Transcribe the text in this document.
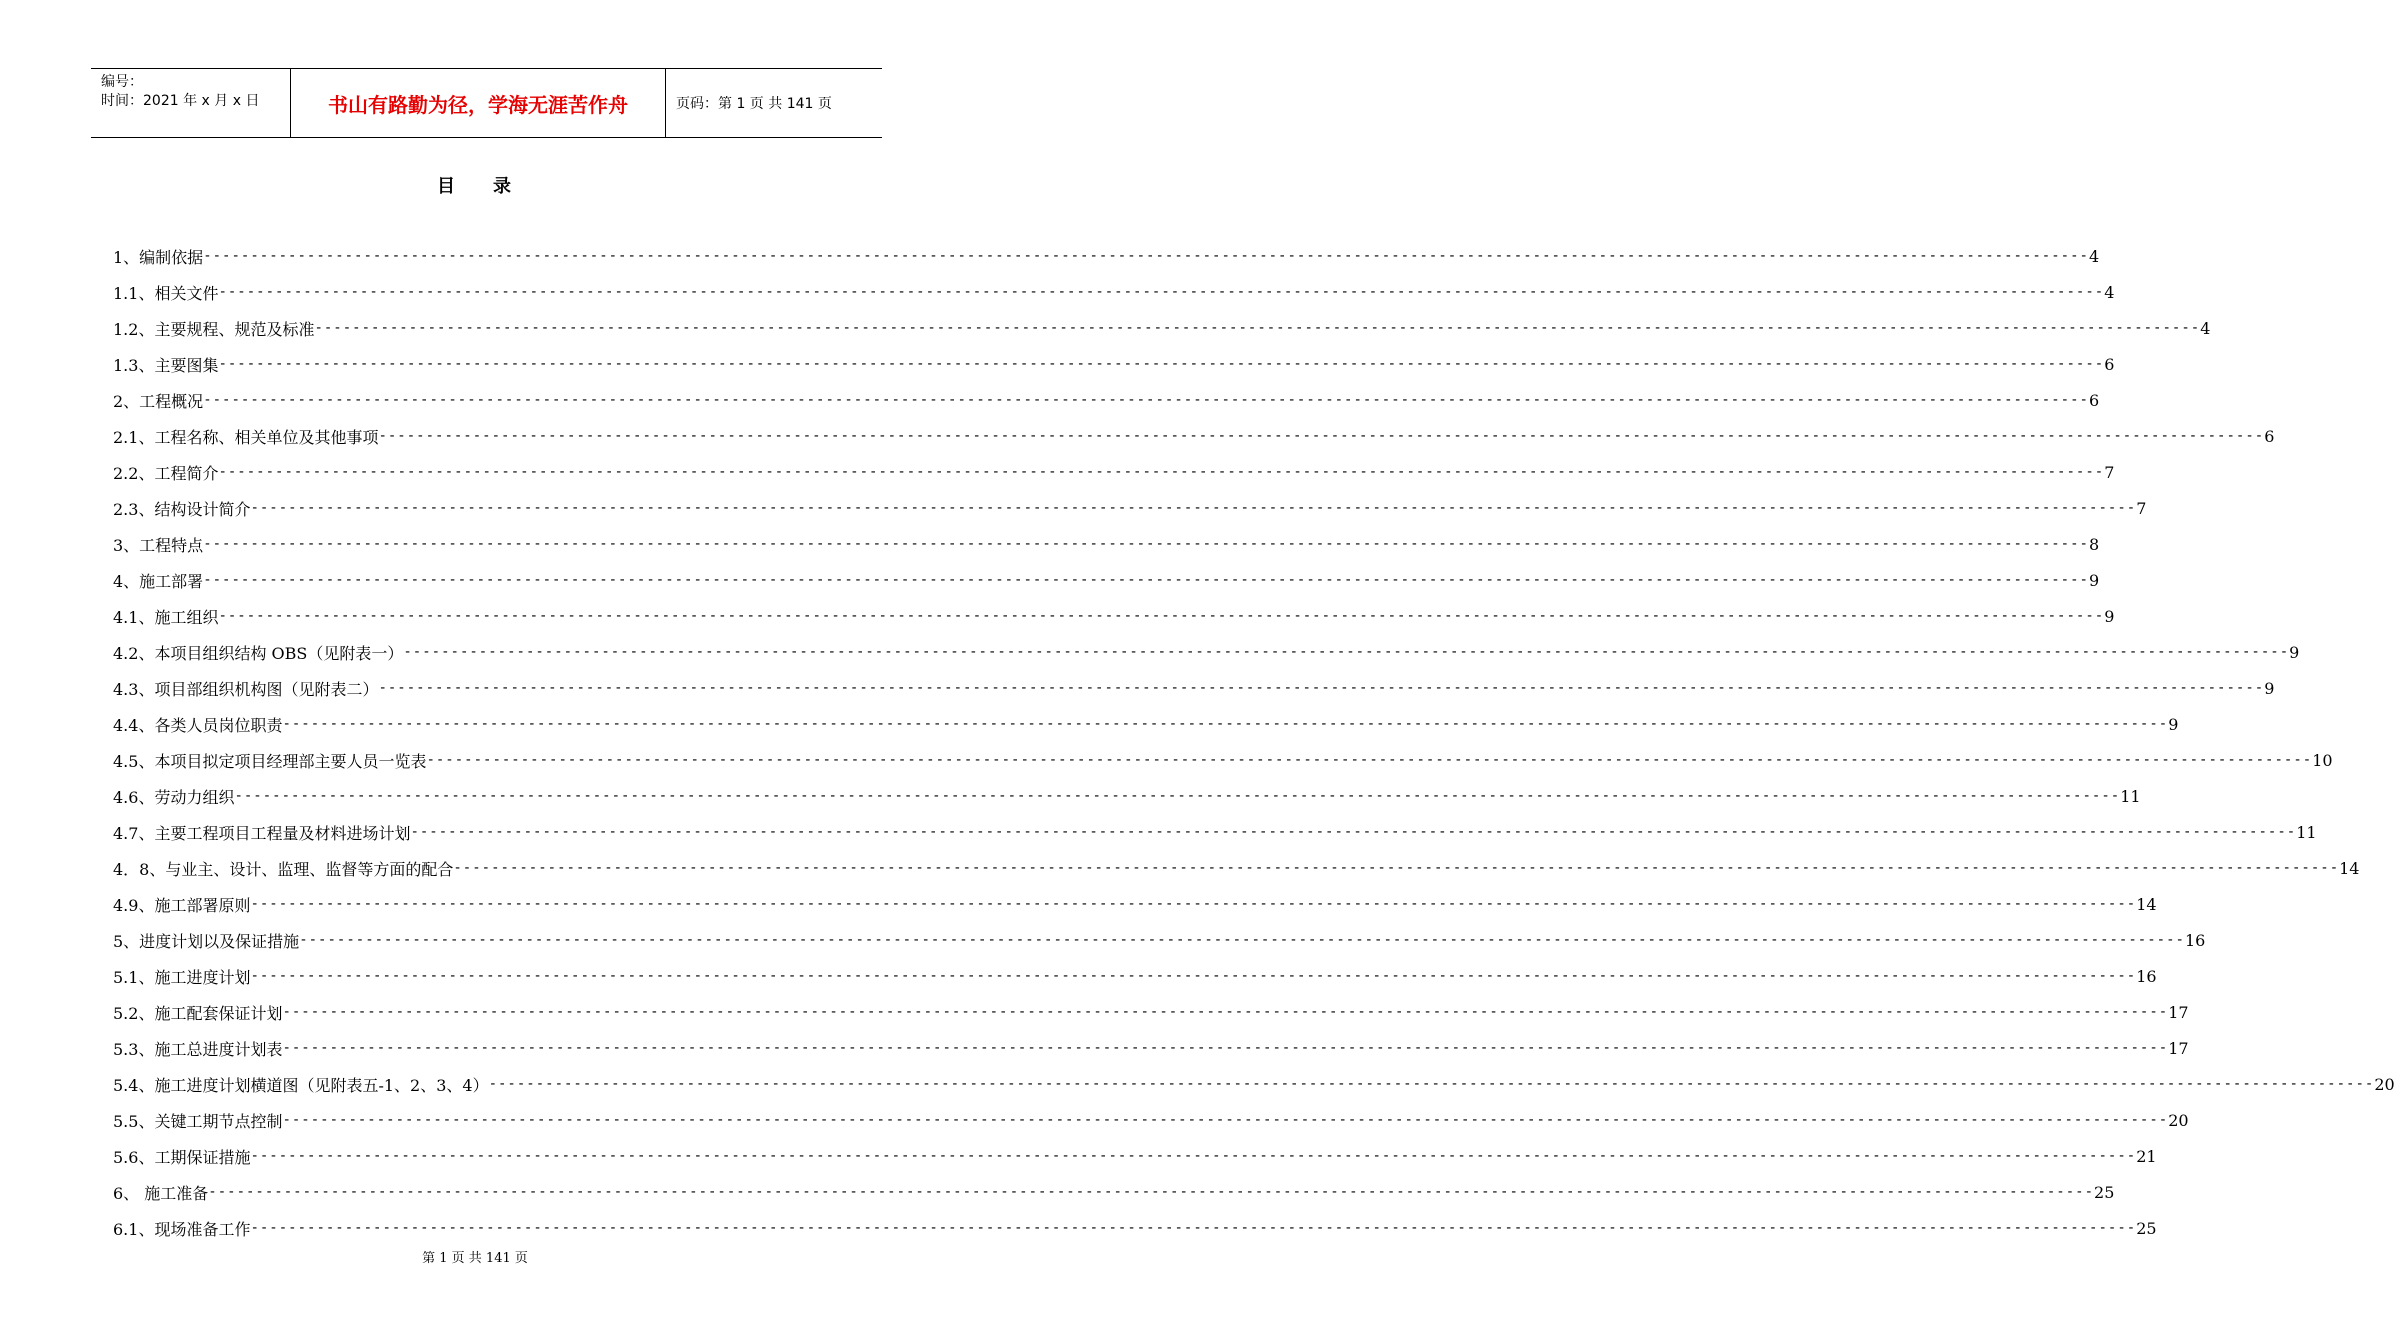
编号：
时间：2021 年 x 月 x 日	书山有路勤为径，学海无涯苦作舟	页码：第 1 页 共 141 页
目 录
1、编制依据 -------------------------------------------------------------------------------------------------------------------------------------------------------------------------------------------------------- 4
1.1、相关文件 -------------------------------------------------------------------------------------------------------------------------------------------------------------------------------------------------------- 4
1.2、主要规程、规范及标准 -------------------------------------------------------------------------------------------------------------------------------------------------------------------------------------------------------- 4
1.3、主要图集 -------------------------------------------------------------------------------------------------------------------------------------------------------------------------------------------------------- 6
2、工程概况 -------------------------------------------------------------------------------------------------------------------------------------------------------------------------------------------------------- 6
2.1、工程名称、相关单位及其他事项 -------------------------------------------------------------------------------------------------------------------------------------------------------------------------------------------------------- 6
2.2、工程简介 -------------------------------------------------------------------------------------------------------------------------------------------------------------------------------------------------------- 7
2.3、结构设计简介 -------------------------------------------------------------------------------------------------------------------------------------------------------------------------------------------------------- 7
3、工程特点 -------------------------------------------------------------------------------------------------------------------------------------------------------------------------------------------------------- 8
4、施工部署 -------------------------------------------------------------------------------------------------------------------------------------------------------------------------------------------------------- 9
4.1、施工组织 -------------------------------------------------------------------------------------------------------------------------------------------------------------------------------------------------------- 9
4.2、本项目组织结构 OBS（见附表一） -------------------------------------------------------------------------------------------------------------------------------------------------------------------------------------------------------- 9
4.3、项目部组织机构图（见附表二） -------------------------------------------------------------------------------------------------------------------------------------------------------------------------------------------------------- 9
4.4、各类人员岗位职责 -------------------------------------------------------------------------------------------------------------------------------------------------------------------------------------------------------- 9
4.5、本项目拟定项目经理部主要人员一览表 -------------------------------------------------------------------------------------------------------------------------------------------------------------------------------------------------------- 10
4.6、劳动力组织 -------------------------------------------------------------------------------------------------------------------------------------------------------------------------------------------------------- 11
4.7、主要工程项目工程量及材料进场计划 -------------------------------------------------------------------------------------------------------------------------------------------------------------------------------------------------------- 11
4．8、与业主、设计、监理、监督等方面的配合 -------------------------------------------------------------------------------------------------------------------------------------------------------------------------------------------------------- 14
4.9、施工部署原则 -------------------------------------------------------------------------------------------------------------------------------------------------------------------------------------------------------- 14
5、进度计划以及保证措施 -------------------------------------------------------------------------------------------------------------------------------------------------------------------------------------------------------- 16
5.1、施工进度计划 -------------------------------------------------------------------------------------------------------------------------------------------------------------------------------------------------------- 16
5.2、施工配套保证计划 -------------------------------------------------------------------------------------------------------------------------------------------------------------------------------------------------------- 17
5.3、施工总进度计划表 -------------------------------------------------------------------------------------------------------------------------------------------------------------------------------------------------------- 17
5.4、施工进度计划横道图（见附表五-1、2、3、4） -------------------------------------------------------------------------------------------------------------------------------------------------------------------------------------------------------- 20
5.5、关键工期节点控制 -------------------------------------------------------------------------------------------------------------------------------------------------------------------------------------------------------- 20
5.6、工期保证措施 -------------------------------------------------------------------------------------------------------------------------------------------------------------------------------------------------------- 21
6、 施工准备 -------------------------------------------------------------------------------------------------------------------------------------------------------------------------------------------------------- 25
6.1、现场准备工作 -------------------------------------------------------------------------------------------------------------------------------------------------------------------------------------------------------- 25
第 1 页 共 141 页
